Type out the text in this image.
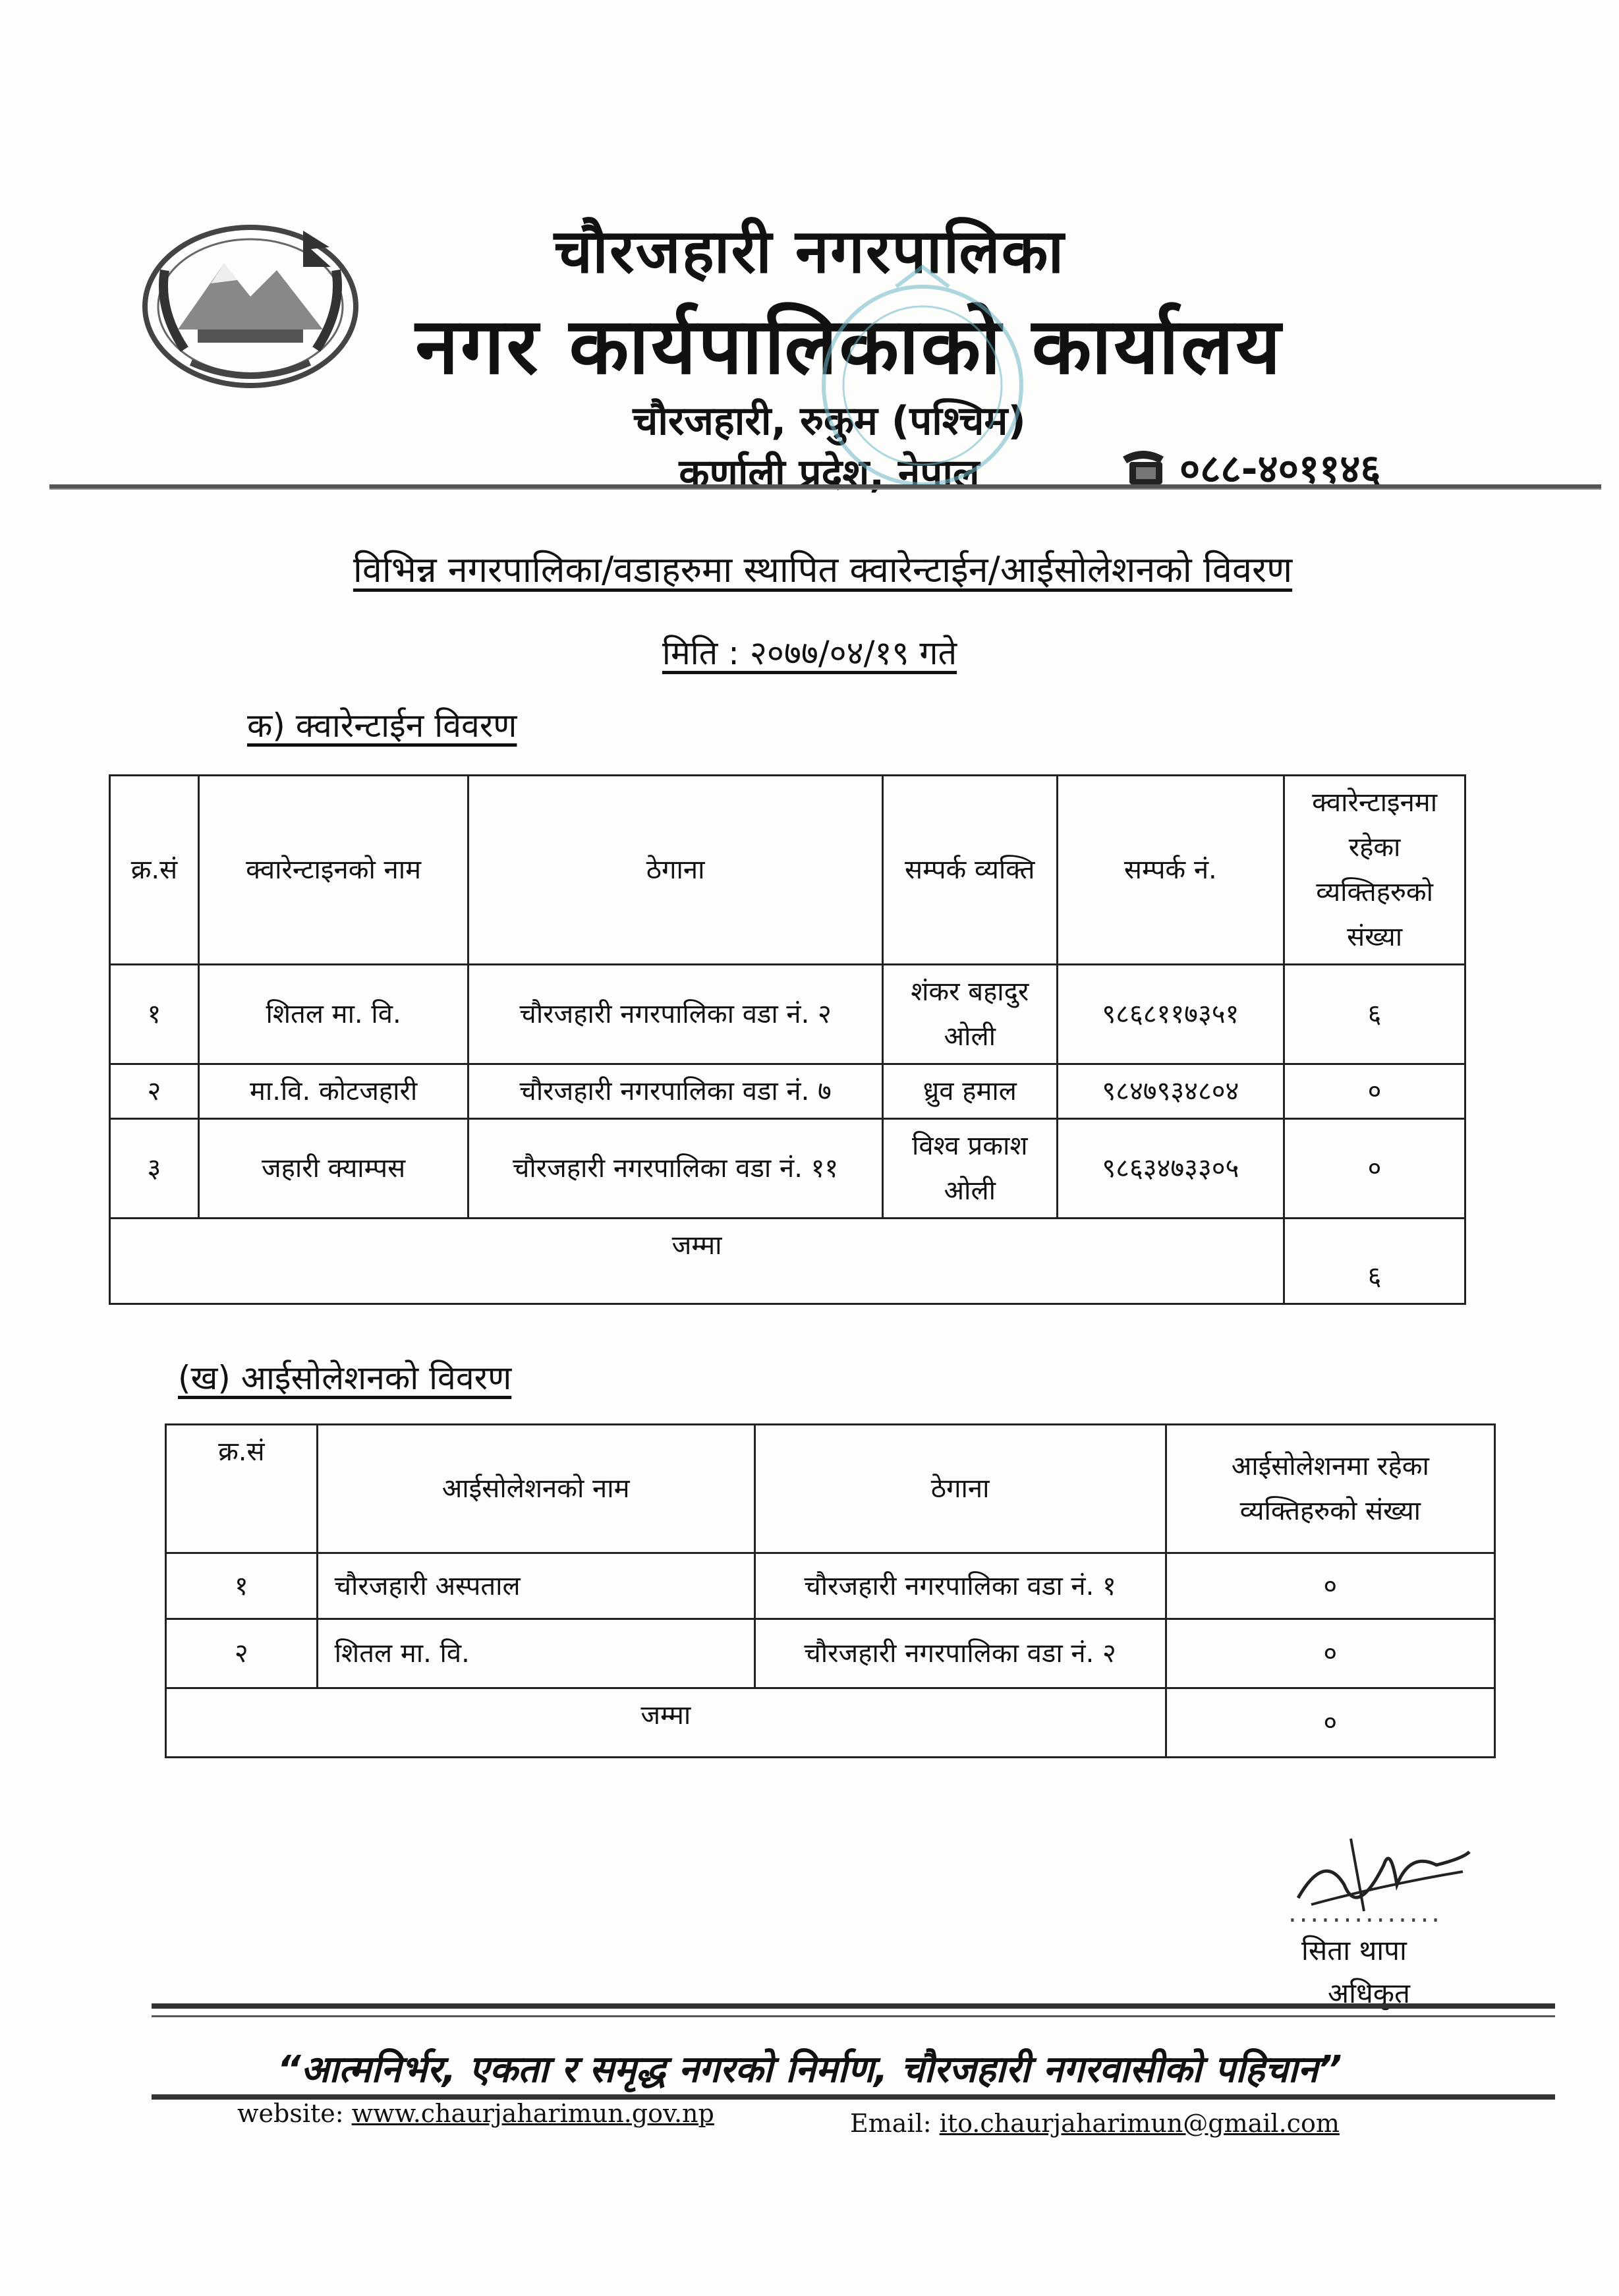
चौरजहारी नगरपालिका
नगर कार्यपालिकाको कार्यालय
चौरजहारी, रुकुम (पश्चिम)
कर्णाली प्रदेश, नेपाल	०८८-४०११४६
विभिन्न नगरपालिका/वडाहरुमा स्थापित क्वारेन्टाईन/आईसोलेशनको विवरण
मिति : २०७७/०४/१९ गते
क) क्वारेन्टाईन विवरण
क्र.सं	क्वारेन्टाइनको नाम	ठेगाना	सम्पर्क व्यक्ति	सम्पर्क नं.	क्वारेन्टाइनमा रहेका व्यक्तिहरुको संख्या
१	शितल मा. वि.	चौरजहारी नगरपालिका वडा नं. २	शंकर बहादुर ओली	९८६८११७३५१	६
२	मा.वि. कोटजहारी	चौरजहारी नगरपालिका वडा नं. ७	ध्रुव हमाल	९८४७९३४८०४	०
३	जहारी क्याम्पस	चौरजहारी नगरपालिका वडा नं. ११	विश्व प्रकाश ओली	९८६३४७३३०५	०
जम्मा					६
(ख) आईसोलेशनको विवरण
क्र.सं	आईसोलेशनको नाम	ठेगाना	आईसोलेशनमा रहेका व्यक्तिहरुको संख्या
१	चौरजहारी अस्पताल	चौरजहारी नगरपालिका वडा नं. १	०
२	शितल मा. वि.	चौरजहारी नगरपालिका वडा नं. २	०
जम्मा			०
..............
सिता थापा
अधिकृत
“आत्मनिर्भर, एकता र समृद्ध नगरको निर्माण, चौरजहारी नगरवासीको पहिचान”
website: www.chaurjaharimun.gov.np	Email: ito.chaurjaharimun@gmail.com
